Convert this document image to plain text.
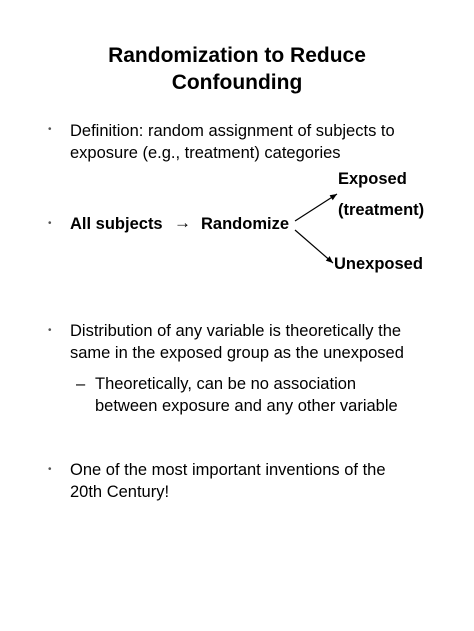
Randomization to Reduce
Confounding
• Definition: random assignment of subjects to
exposure (e.g., treatment) categories
Exposed
(treatment)
Unexposed
• All subjects → Randomize
• Distribution of any variable is theoretically the
same in the exposed group as the unexposed
– Theoretically, can be no association
between exposure and any other variable
• One of the most important inventions of the
20th Century!
